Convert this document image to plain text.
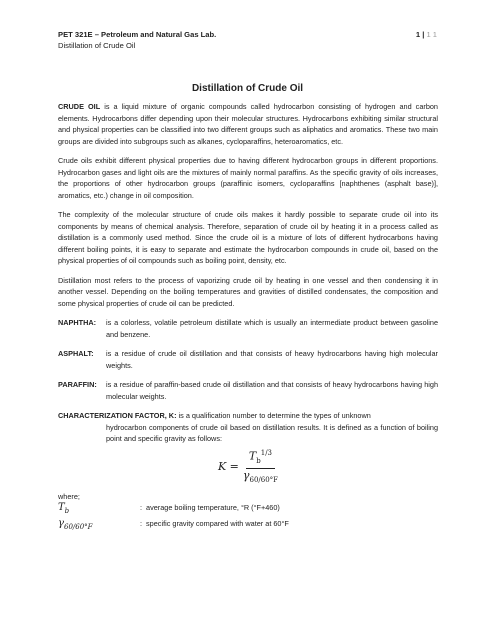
PET 321E – Petroleum and Natural Gas Lab.
Distillation of Crude Oil
1 | 1 1
Distillation of Crude Oil

CRUDE OIL is a liquid mixture of organic compounds called hydrocarbon consisting of hydrogen and carbon elements. Hydrocarbons differ depending upon their molecular structures. Hydrocarbons exhibiting similar structural and physical properties can be classified into two different groups such as aliphatics and aromatics. These two main groups are divided into subgroups such as alkanes, cycloparaffins, heteroaromatics, etc.

Crude oils exhibit different physical properties due to having different hydrocarbon groups in different proportions. Hydrocarbon gases and light oils are the mixtures of mainly normal paraffins. As the specific gravity of oils increases, the proportions of other hydrocarbon groups (paraffinic isomers, cycloparaffins [naphthenes (asphalt base)], aromatics, etc.) change in oil composition.

The complexity of the molecular structure of crude oils makes it hardly possible to separate crude oil into its components by means of chemical analysis. Therefore, separation of crude oil by heating it in a process called as distillation is a commonly used method. Since the crude oil is a mixture of lots of different hydrocarbons having different boiling points, it is easy to separate and estimate the hydrocarbon compounds in crude oil, based on the physical properties of oil compounds such as boiling point, density, etc.

Distillation most refers to the process of vaporizing crude oil by heating in one vessel and then condensing it in another vessel. Depending on the boiling temperatures and gravities of distilled condensates, the composition and some physical properties of crude oil can be predicted.

NAPHTHA:	is a colorless, volatile petroleum distillate which is usually an intermediate product between gasoline and benzene.
ASPHALT:	is a residue of crude oil distillation and that consists of heavy hydrocarbons having high molecular weights.
PARAFFIN:	is a residue of paraffin-based crude oil distillation and that consists of heavy hydrocarbons having high molecular weights.
CHARACTERIZATION FACTOR, K: is a qualification number to determine the types of unknown
hydrocarbon components of crude oil based on distillation results. It is defined as a function of boiling point and specific gravity as follows:
$K = \frac{T_b^{1/3}}{\gamma_{60/60^\circ F}}$
where;
$T_b$	: average boiling temperature, °R (°F+460)
$\gamma_{60/60^\circ F}$	: specific gravity compared with water at 60°F
